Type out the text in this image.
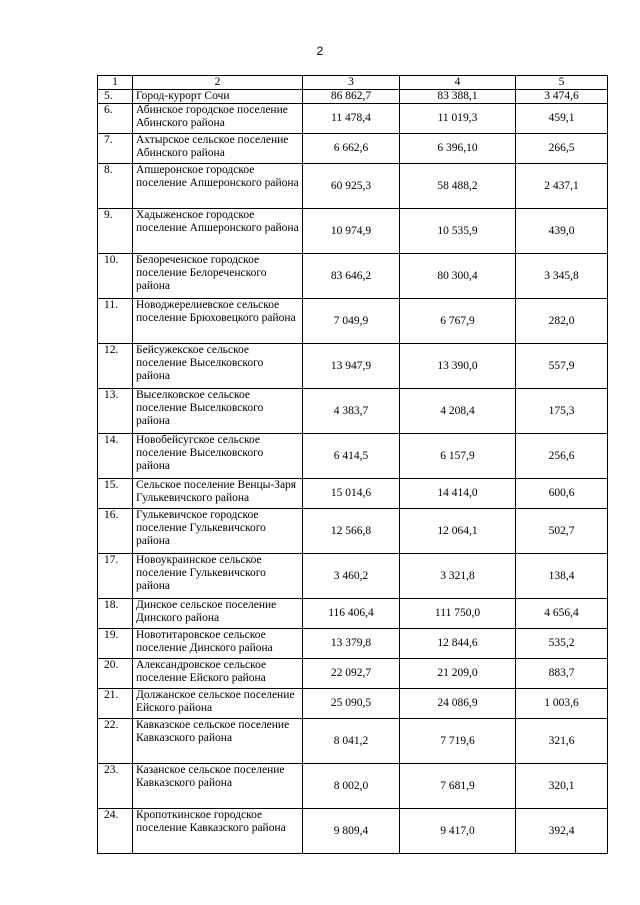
2
1	2	3	4	5
5.	Город-курорт Сочи	86 862,7	83 388,1	3 474,6
6.	Абинское городское поселение Абинского района	11 478,4	11 019,3	459,1
7.	Ахтырское сельское поселение Абинского района	6 662,6	6 396,10	266,5
8.	Апшеронское городское поселение Апшеронского района	60 925,3	58 488,2	2 437,1
9.	Хадыженское городское поселение Апшеронского района	10 974,9	10 535,9	439,0
10.	Белореченское городское поселение Белореченского района	83 646,2	80 300,4	3 345,8
11.	Новоджерелиевское сельское поселение Брюховецкого района	7 049,9	6 767,9	282,0
12.	Бейсужекское сельское поселение Выселковского района	13 947,9	13 390,0	557,9
13.	Выселковское сельское поселение Выселковского района	4 383,7	4 208,4	175,3
14.	Новобейсугское сельское поселение Выселковского района	6 414,5	6 157,9	256,6
15.	Сельское поселение Венцы-Заря Гулькевичского района	15 014,6	14 414,0	600,6
16.	Гулькевичское городское поселение Гулькевичского района	12 566,8	12 064,1	502,7
17.	Новоукраинское сельское поселение Гулькевичского района	3 460,2	3 321,8	138,4
18.	Динское сельское поселение Динского района	116 406,4	111 750,0	4 656,4
19.	Новотитаровское сельское поселение Динского района	13 379,8	12 844,6	535,2
20.	Александровское сельское поселение Ейского района	22 092,7	21 209,0	883,7
21.	Должанское сельское поселение Ейского района	25 090,5	24 086,9	1 003,6
22.	Кавказское сельское поселение Кавказского района	8 041,2	7 719,6	321,6
23.	Казанское сельское поселение Кавказского района	8 002,0	7 681,9	320,1
24.	Кропоткинское городское поселение Кавказского района	9 809,4	9 417,0	392,4
